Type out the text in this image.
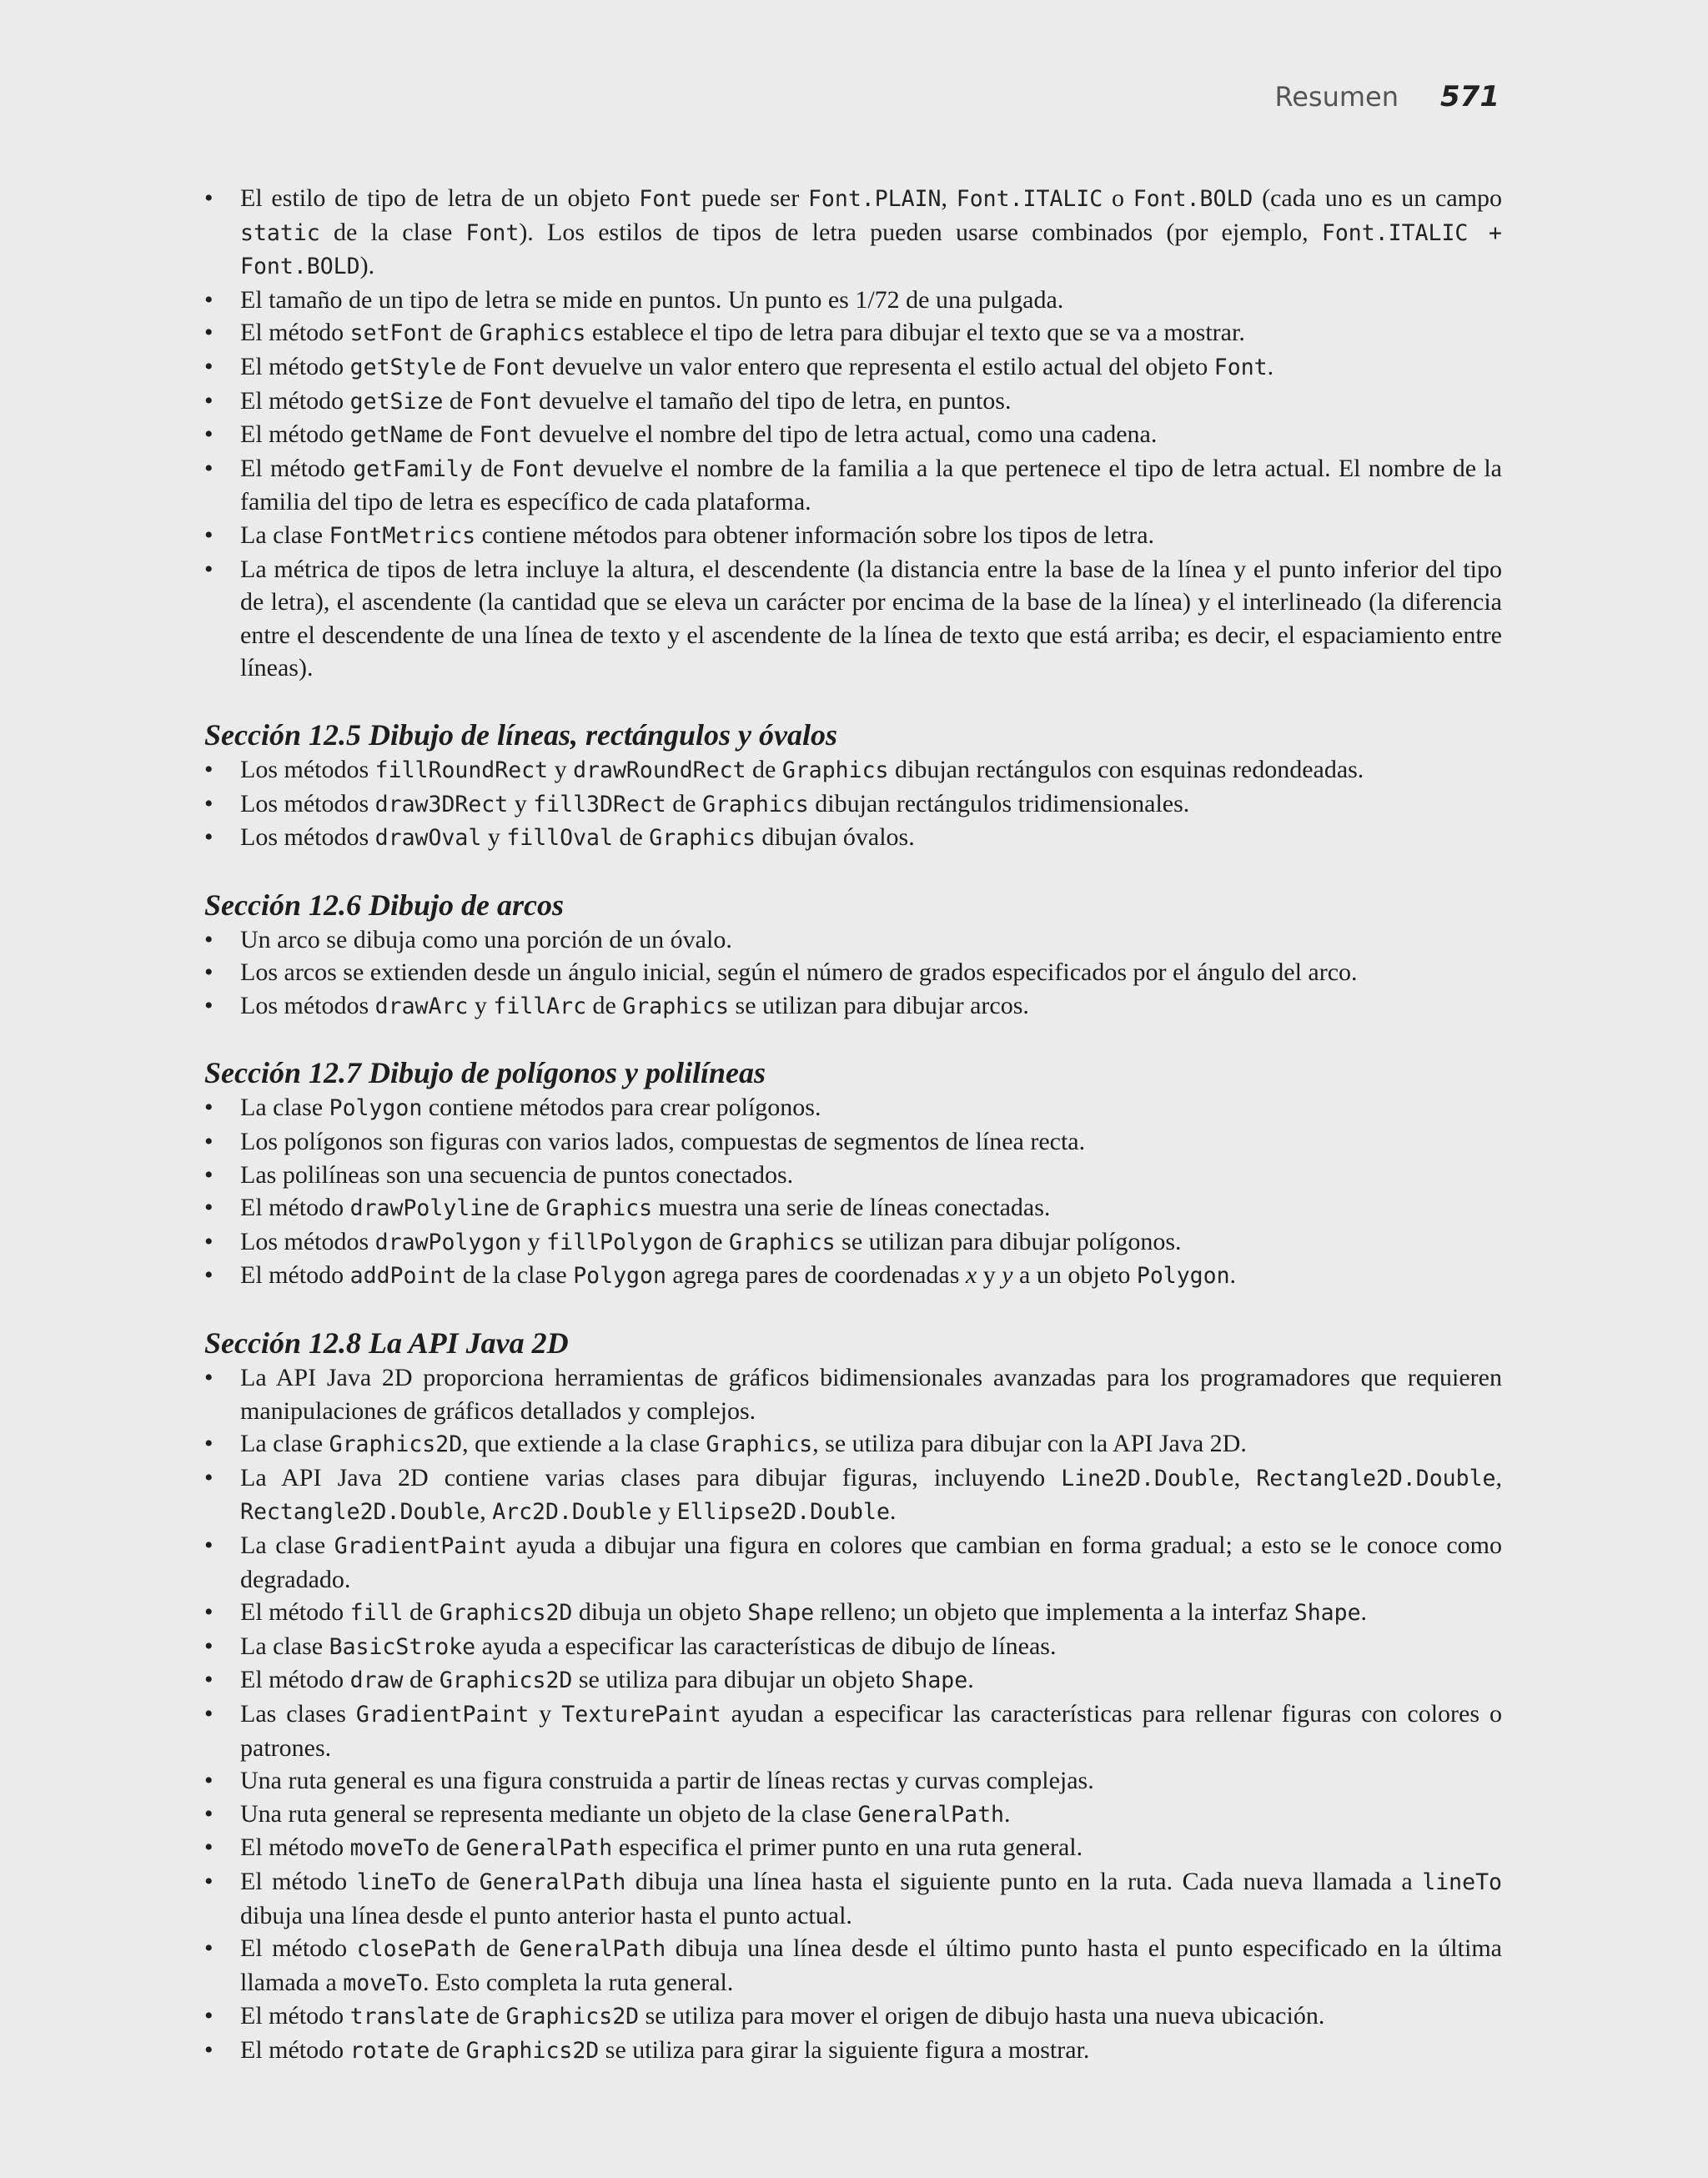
Resumen 571
• El estilo de tipo de letra de un objeto Font puede ser Font.PLAIN, Font.ITALIC o Font.BOLD (cada uno es un campo static de la clase Font). Los estilos de tipos de letra pueden usarse combinados (por ejemplo, Font.ITALIC + Font.BOLD).
• El tamaño de un tipo de letra se mide en puntos. Un punto es 1/72 de una pulgada.
• El método setFont de Graphics establece el tipo de letra para dibujar el texto que se va a mostrar.
• El método getStyle de Font devuelve un valor entero que representa el estilo actual del objeto Font.
• El método getSize de Font devuelve el tamaño del tipo de letra, en puntos.
• El método getName de Font devuelve el nombre del tipo de letra actual, como una cadena.
• El método getFamily de Font devuelve el nombre de la familia a la que pertenece el tipo de letra actual. El nombre de la familia del tipo de letra es específico de cada plataforma.
• La clase FontMetrics contiene métodos para obtener información sobre los tipos de letra.
• La métrica de tipos de letra incluye la altura, el descendente (la distancia entre la base de la línea y el punto inferior del tipo de letra), el ascendente (la cantidad que se eleva un carácter por encima de la base de la línea) y el interlineado (la diferencia entre el descendente de una línea de texto y el ascendente de la línea de texto que está arriba; es decir, el espaciamiento entre líneas).
Sección 12.5 Dibujo de líneas, rectángulos y óvalos
• Los métodos fillRoundRect y drawRoundRect de Graphics dibujan rectángulos con esquinas redondeadas.
• Los métodos draw3DRect y fill3DRect de Graphics dibujan rectángulos tridimensionales.
• Los métodos drawOval y fillOval de Graphics dibujan óvalos.
Sección 12.6 Dibujo de arcos
• Un arco se dibuja como una porción de un óvalo.
• Los arcos se extienden desde un ángulo inicial, según el número de grados especificados por el ángulo del arco.
• Los métodos drawArc y fillArc de Graphics se utilizan para dibujar arcos.
Sección 12.7 Dibujo de polígonos y polilíneas
• La clase Polygon contiene métodos para crear polígonos.
• Los polígonos son figuras con varios lados, compuestas de segmentos de línea recta.
• Las polilíneas son una secuencia de puntos conectados.
• El método drawPolyline de Graphics muestra una serie de líneas conectadas.
• Los métodos drawPolygon y fillPolygon de Graphics se utilizan para dibujar polígonos.
• El método addPoint de la clase Polygon agrega pares de coordenadas x y y a un objeto Polygon.
Sección 12.8 La API Java 2D
• La API Java 2D proporciona herramientas de gráficos bidimensionales avanzadas para los programadores que requieren manipulaciones de gráficos detallados y complejos.
• La clase Graphics2D, que extiende a la clase Graphics, se utiliza para dibujar con la API Java 2D.
• La API Java 2D contiene varias clases para dibujar figuras, incluyendo Line2D.Double, Rectangle2D.Double, Rectangle2D.Double, Arc2D.Double y Ellipse2D.Double.
• La clase GradientPaint ayuda a dibujar una figura en colores que cambian en forma gradual; a esto se le conoce como degradado.
• El método fill de Graphics2D dibuja un objeto Shape relleno; un objeto que implementa a la interfaz Shape.
• La clase BasicStroke ayuda a especificar las características de dibujo de líneas.
• El método draw de Graphics2D se utiliza para dibujar un objeto Shape.
• Las clases GradientPaint y TexturePaint ayudan a especificar las características para rellenar figuras con colores o patrones.
• Una ruta general es una figura construida a partir de líneas rectas y curvas complejas.
• Una ruta general se representa mediante un objeto de la clase GeneralPath.
• El método moveTo de GeneralPath especifica el primer punto en una ruta general.
• El método lineTo de GeneralPath dibuja una línea hasta el siguiente punto en la ruta. Cada nueva llamada a lineTo dibuja una línea desde el punto anterior hasta el punto actual.
• El método closePath de GeneralPath dibuja una línea desde el último punto hasta el punto especificado en la última llamada a moveTo. Esto completa la ruta general.
• El método translate de Graphics2D se utiliza para mover el origen de dibujo hasta una nueva ubicación.
• El método rotate de Graphics2D se utiliza para girar la siguiente figura a mostrar.
